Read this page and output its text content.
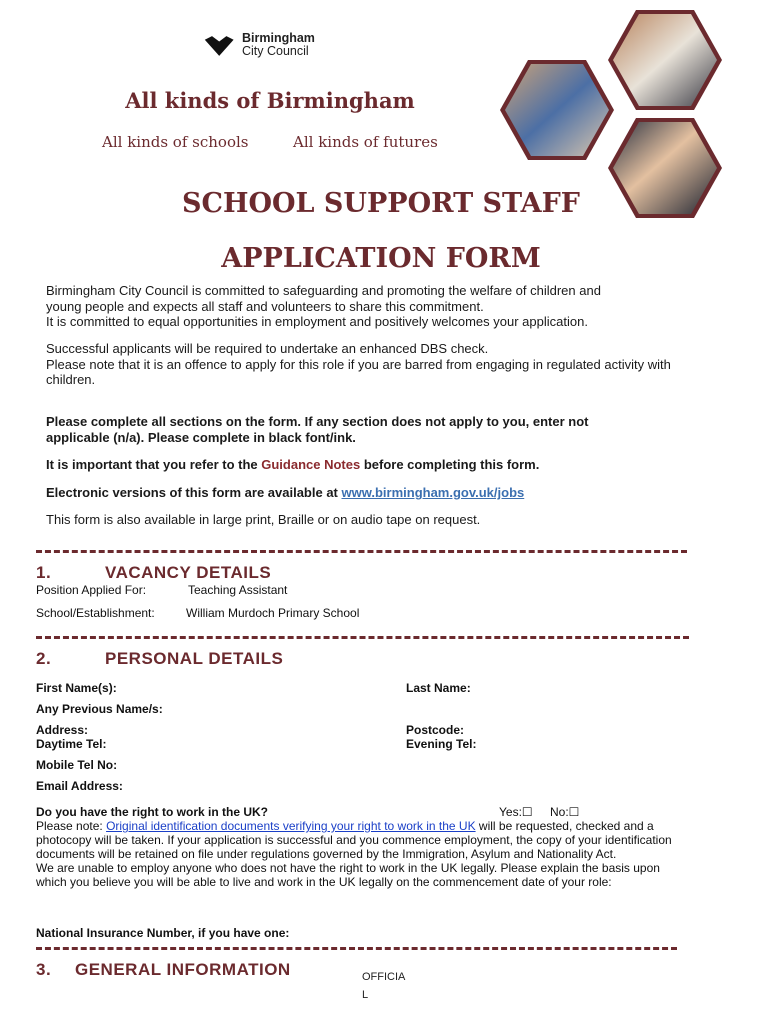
Birmingham
City Council
All kinds of Birmingham
All kinds of schools	All kinds of futures
SCHOOL SUPPORT STAFF
APPLICATION FORM
Birmingham City Council is committed to safeguarding and promoting the welfare of children and
young people and expects all staff and volunteers to share this commitment.
It is committed to equal opportunities in employment and positively welcomes your application.
Successful applicants will be required to undertake an enhanced DBS check.
Please note that it is an offence to apply for this role if you are barred from engaging in regulated activity with
children.
Please complete all sections on the form. If any section does not apply to you, enter not
applicable (n/a). Please complete in black font/ink.
It is important that you refer to the Guidance Notes before completing this form.
Electronic versions of this form are available at www.birmingham.gov.uk/jobs
This form is also available in large print, Braille or on audio tape on request.
1.	VACANCY DETAILS
Position Applied For:	Teaching Assistant
School/Establishment:	William Murdoch Primary School
2.	PERSONAL DETAILS
First Name(s):	Last Name:
Any Previous Name/s:
Address:	Postcode:
Daytime Tel:	Evening Tel:
Mobile Tel No:
Email Address:
Do you have the right to work in the UK?	Yes:☐ No:☐
Please note: Original identification documents verifying your right to work in the UK will be requested, checked and a
photocopy will be taken. If your application is successful and you commence employment, the copy of your identification
documents will be retained on file under regulations governed by the Immigration, Asylum and Nationality Act.
We are unable to employ anyone who does not have the right to work in the UK legally. Please explain the basis upon
which you believe you will be able to live and work in the UK legally on the commencement date of your role:
National Insurance Number, if you have one:
3. GENERAL INFORMATION	OFFICIA
L
